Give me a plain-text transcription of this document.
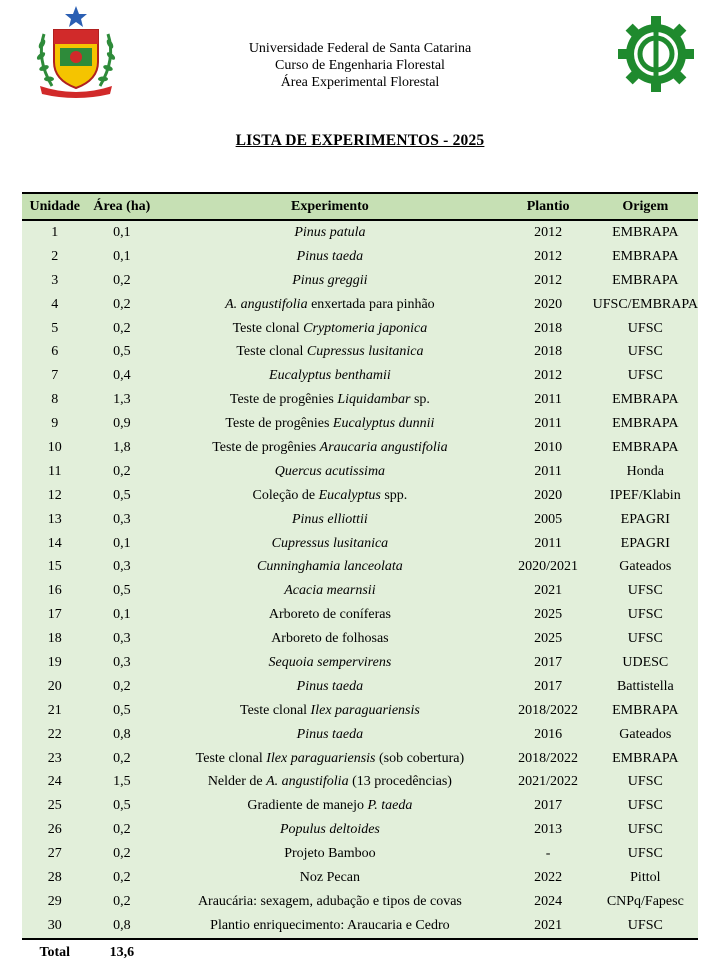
Universidade Federal de Santa Catarina
Curso de Engenharia Florestal
Área Experimental Florestal
LISTA DE EXPERIMENTOS - 2025
Unidade	Área (ha)	Experimento	Plantio	Origem
1	0,1	Pinus patula	2012	EMBRAPA
2	0,1	Pinus taeda	2012	EMBRAPA
3	0,2	Pinus greggii	2012	EMBRAPA
4	0,2	A. angustifolia enxertada para pinhão	2020	UFSC/EMBRAPA
5	0,2	Teste clonal Cryptomeria japonica	2018	UFSC
6	0,5	Teste clonal Cupressus lusitanica	2018	UFSC
7	0,4	Eucalyptus benthamii	2012	UFSC
8	1,3	Teste de progênies Liquidambar sp.	2011	EMBRAPA
9	0,9	Teste de progênies Eucalyptus dunnii	2011	EMBRAPA
10	1,8	Teste de progênies Araucaria angustifolia	2010	EMBRAPA
11	0,2	Quercus acutissima	2011	Honda
12	0,5	Coleção de Eucalyptus spp.	2020	IPEF/Klabin
13	0,3	Pinus elliottii	2005	EPAGRI
14	0,1	Cupressus lusitanica	2011	EPAGRI
15	0,3	Cunninghamia lanceolata	2020/2021	Gateados
16	0,5	Acacia mearnsii	2021	UFSC
17	0,1	Arboreto de coníferas	2025	UFSC
18	0,3	Arboreto de folhosas	2025	UFSC
19	0,3	Sequoia sempervirens	2017	UDESC
20	0,2	Pinus taeda	2017	Battistella
21	0,5	Teste clonal Ilex paraguariensis	2018/2022	EMBRAPA
22	0,8	Pinus taeda	2016	Gateados
23	0,2	Teste clonal Ilex paraguariensis (sob cobertura)	2018/2022	EMBRAPA
24	1,5	Nelder de A. angustifolia (13 procedências)	2021/2022	UFSC
25	0,5	Gradiente de manejo P. taeda	2017	UFSC
26	0,2	Populus deltoides	2013	UFSC
27	0,2	Projeto Bamboo	-	UFSC
28	0,2	Noz Pecan	2022	Pittol
29	0,2	Araucária: sexagem, adubação e tipos de covas	2024	CNPq/Fapesc
30	0,8	Plantio enriquecimento: Araucaria e Cedro	2021	UFSC
Total	13,6			
